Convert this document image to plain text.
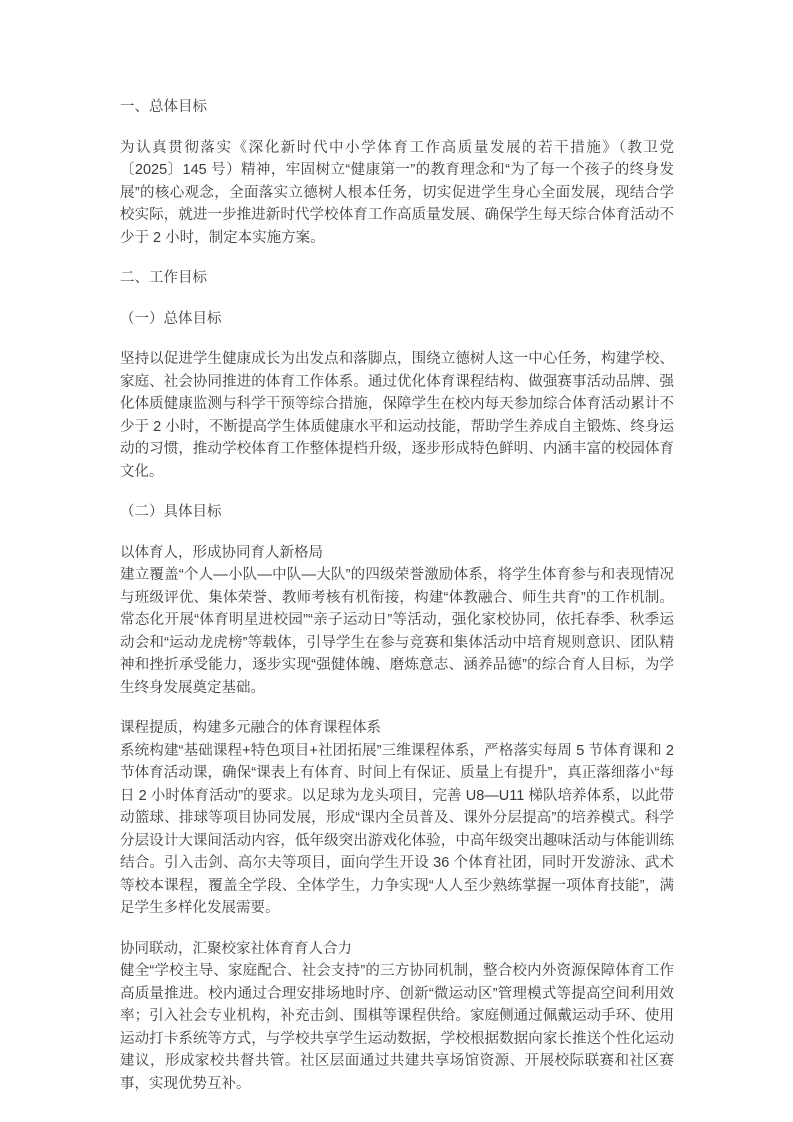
一、总体目标
为认真贯彻落实《深化新时代中小学体育工作高质量发展的若干措施》（教卫党〔2025〕145 号）精神，牢固树立“健康第一”的教育理念和“为了每一个孩子的终身发展”的核心观念，全面落实立德树人根本任务，切实促进学生身心全面发展，现结合学校实际，就进一步推进新时代学校体育工作高质量发展、确保学生每天综合体育活动不少于 2 小时，制定本实施方案。
二、工作目标
（一）总体目标
坚持以促进学生健康成长为出发点和落脚点，围绕立德树人这一中心任务，构建学校、家庭、社会协同推进的体育工作体系。通过优化体育课程结构、做强赛事活动品牌、强化体质健康监测与科学干预等综合措施，保障学生在校内每天参加综合体育活动累计不少于 2 小时，不断提高学生体质健康水平和运动技能，帮助学生养成自主锻炼、终身运动的习惯，推动学校体育工作整体提档升级，逐步形成特色鲜明、内涵丰富的校园体育文化。
（二）具体目标
以体育人，形成协同育人新格局
建立覆盖“个人—小队—中队—大队”的四级荣誉激励体系，将学生体育参与和表现情况与班级评优、集体荣誉、教师考核有机衔接，构建“体教融合、师生共育”的工作机制。常态化开展“体育明星进校园”“亲子运动日”等活动，强化家校协同，依托春季、秋季运动会和“运动龙虎榜”等载体，引导学生在参与竞赛和集体活动中培育规则意识、团队精神和挫折承受能力，逐步实现“强健体魄、磨炼意志、涵养品德”的综合育人目标，为学生终身发展奠定基础。
课程提质，构建多元融合的体育课程体系
系统构建“基础课程+特色项目+社团拓展”三维课程体系，严格落实每周 5 节体育课和 2 节体育活动课，确保“课表上有体育、时间上有保证、质量上有提升”，真正落细落小“每日 2 小时体育活动”的要求。以足球为龙头项目，完善 U8—U11 梯队培养体系，以此带动篮球、排球等项目协同发展，形成“课内全员普及、课外分层提高”的培养模式。科学分层设计大课间活动内容，低年级突出游戏化体验，中高年级突出趣味活动与体能训练结合。引入击剑、高尔夫等项目，面向学生开设 36 个体育社团，同时开发游泳、武术等校本课程，覆盖全学段、全体学生，力争实现“人人至少熟练掌握一项体育技能”，满足学生多样化发展需要。
协同联动，汇聚校家社体育育人合力
健全“学校主导、家庭配合、社会支持”的三方协同机制，整合校内外资源保障体育工作高质量推进。校内通过合理安排场地时序、创新“微运动区”管理模式等提高空间利用效率；引入社会专业机构，补充击剑、围棋等课程供给。家庭侧通过佩戴运动手环、使用运动打卡系统等方式，与学校共享学生运动数据，学校根据数据向家长推送个性化运动建议，形成家校共督共管。社区层面通过共建共享场馆资源、开展校际联赛和社区赛事，实现优势互补。
